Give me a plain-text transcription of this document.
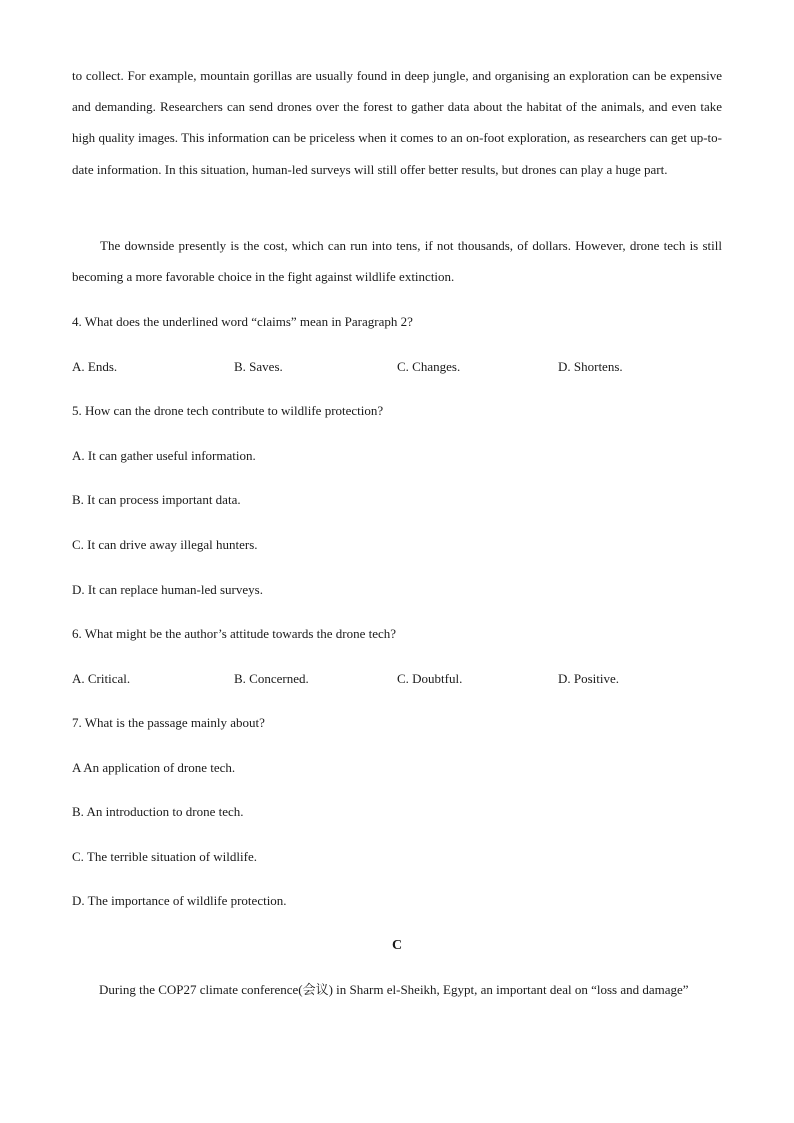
to collect. For example, mountain gorillas are usually found in deep jungle, and organising an exploration can be expensive and demanding. Researchers can send drones over the forest to gather data about the habitat of the animals, and even take high quality images. This information can be priceless when it comes to an on-foot exploration, as researchers can get up-to-date information. In this situation, human-led surveys will still offer better results, but drones can play a huge part.

The downside presently is the cost, which can run into tens, if not thousands, of dollars. However, drone tech is still becoming a more favorable choice in the fight against wildlife extinction.

4. What does the underlined word “claims” mean in Paragraph 2?
A. Ends.	B. Saves.	C. Changes.	D. Shortens.
5. How can the drone tech contribute to wildlife protection?
A. It can gather useful information.
B. It can process important data.
C. It can drive away illegal hunters.
D. It can replace human-led surveys.
6. What might be the author’s attitude towards the drone tech?
A. Critical.	B. Concerned.	C. Doubtful.	D. Positive.
7. What is the passage mainly about?
A An application of drone tech.
B. An introduction to drone tech.
C. The terrible situation of wildlife.
D. The importance of wildlife protection.
C
During the COP27 climate conference(会议) in Sharm el-Sheikh, Egypt, an important deal on “loss and damage”
